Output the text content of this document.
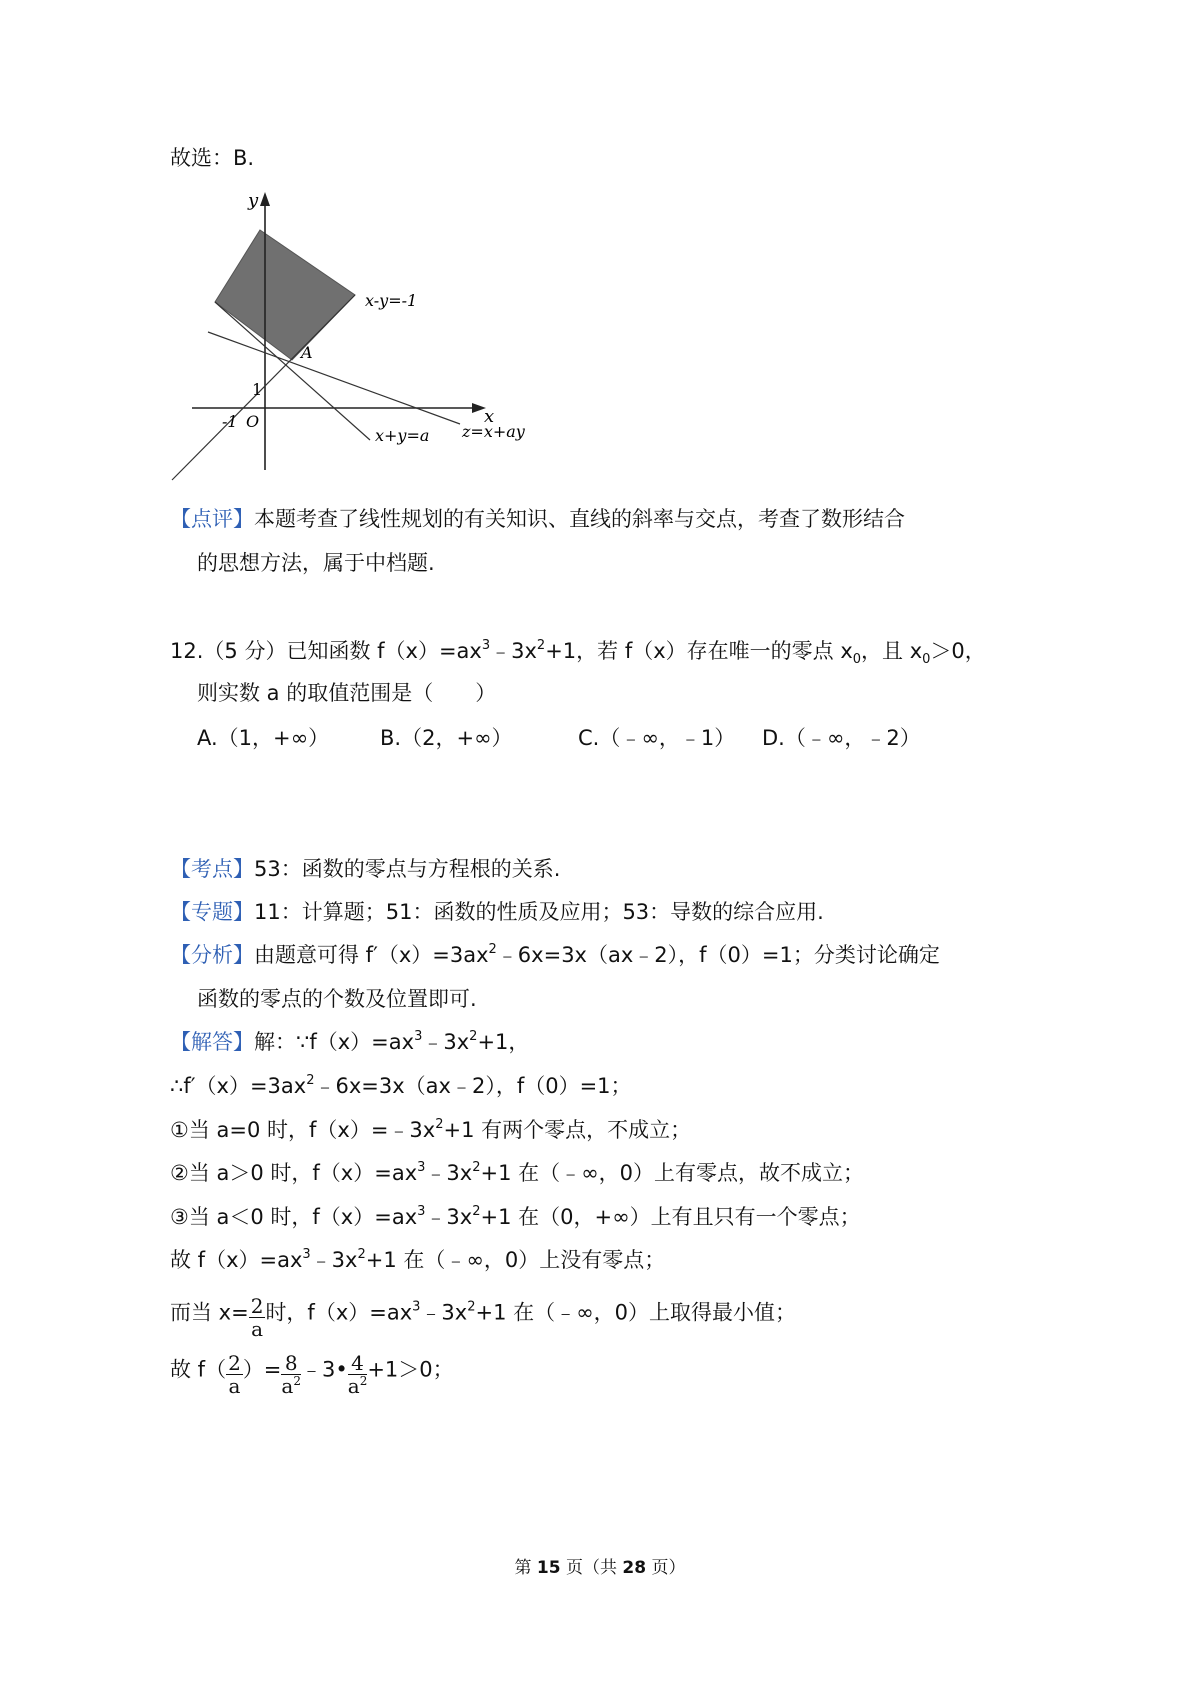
故选：B.
y
x
x-y=-1
A
1
-1 O
x+y=a z=x+ay
【点评】本题考查了线性规划的有关知识、直线的斜率与交点，考查了数形结合
的思想方法，属于中档题.
12.（5 分）已知函数 $f(x)=ax^3﹣3x^2+1$，若 f（x）存在唯一的零点 $x_0$，且 $x_0>0$，
则实数 a 的取值范围是（　　）
A.（1，+∞） B.（2，+∞）	C.（﹣∞，﹣1） D.（﹣∞，﹣2）
【考点】53：函数的零点与方程根的关系.
【专题】11：计算题；51：函数的性质及应用；53：导数的综合应用.
【分析】由题意可得 $f'(x)=3ax^2﹣6x=3x(ax﹣2)$，f（0）=1；分类讨论确定
函数的零点的个数及位置即可.
【解答】解：$\because f(x)=ax^3﹣3x^2+1$，
$\therefore f'(x)=3ax^2﹣6x=3x(ax﹣2)$，f（0）=1；
①当 a=0 时，$f(x)=﹣3x^2+1$ 有两个零点，不成立；
②当 a＞0 时，$f(x)=ax^3﹣3x^2+1$ 在（﹣∞，0）上有零点，故不成立；
③当 a＜0 时，$f(x)=ax^3﹣3x^2+1$ 在（0，+∞）上有且只有一个零点；
故 $f(x)=ax^3﹣3x^2+1$ 在（﹣∞，0）上没有零点；
而当 $x= \frac{2}{a}$ 时，$f(x)=ax^3﹣3x^2+1$ 在（﹣∞，0）上取得最小值；
故 $f( \frac{2}{a}$ ）= $\frac{8}{a^2}$ ﹣3• $\frac{4}{a^2} +1>0$；
第 15 页（共 28 页）
